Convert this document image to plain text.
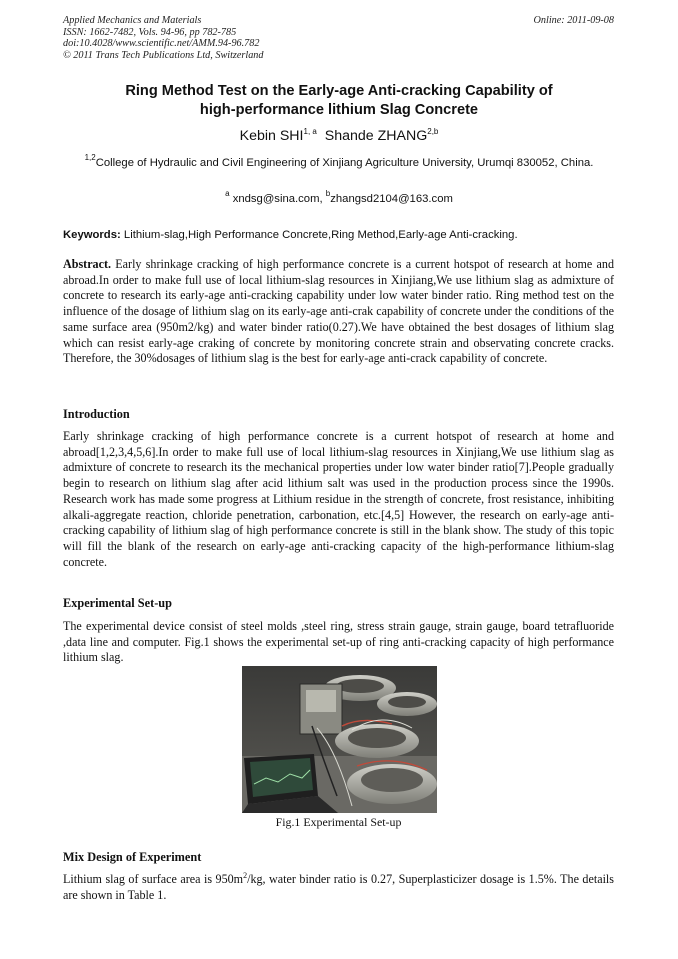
Applied Mechanics and Materials
ISSN: 1662-7482, Vols. 94-96, pp 782-785
doi:10.4028/www.scientific.net/AMM.94-96.782
© 2011 Trans Tech Publications Ltd, Switzerland
Online: 2011-09-08
Ring Method Test on the Early-age Anti-cracking Capability of
high-performance lithium Slag Concrete
Kebin SHI$^{1, a}$ Shande ZHANG$^{2,b}$
$^{1,2}$College of Hydraulic and Civil Engineering of Xinjiang Agriculture University, Urumqi 830052, China.
$^a$ xndsg@sina.com, $^b$zhangsd2104@163.com
Keywords: Lithium-slag,High Performance Concrete,Ring Method,Early-age Anti-cracking.
Abstract. Early shrinkage cracking of high performance concrete is a current hotspot of research at home and abroad.In order to make full use of local lithium-slag resources in Xinjiang,We use lithium slag as admixture of concrete to research its early-age anti-cracking capability under low water binder ratio. Ring method test on the influence of the dosage of lithium slag on its early-age anti-crak capability of concrete under the conditions of the same surface area (950m2/kg) and water binder ratio(0.27).We have obtained the best dosages of lithium slag which can resist early-age craking of concrete by monitoring concrete strain and observating concrete cracks. Therefore, the 30%dosages of lithium slag is the best for early-age anti-crack capability of concrete.
Introduction
Early shrinkage cracking of high performance concrete is a current hotspot of research at home and abroad[1,2,3,4,5,6].In order to make full use of local lithium-slag resources in Xinjiang,We use lithium slag as admixture of concrete to research its the mechanical properties under low water binder ratio[7].People gradually begin to research on lithium slag after acid lithium salt was used in the production process since the 1990s. Research work has made some progress at Lithium residue in the strength of concrete, frost resistance, inhibiting alkali-aggregate reaction, chloride penetration, carbonation, etc.[4,5] However, the research on early-age anti-cracking capability of lithium slag of high performance concrete is still in the blank show. The study of this topic will fill the blank of the research on early-age anti-cracking capacity of the high-performance lithium-slag concrete.
Experimental Set-up
The experimental device consist of steel molds ,steel ring, stress strain gauge, strain gauge, board tetrafluoride ,data line and computer. Fig.1 shows the experimental set-up of ring anti-cracking capacity of high performance lithium slag.
Fig.1 Experimental Set-up
Mix Design of Experiment
Lithium slag of surface area is $950m^2/kg$, water binder ratio is 0.27, Superplasticizer dosage is 1.5%. The details are shown in Table 1.
